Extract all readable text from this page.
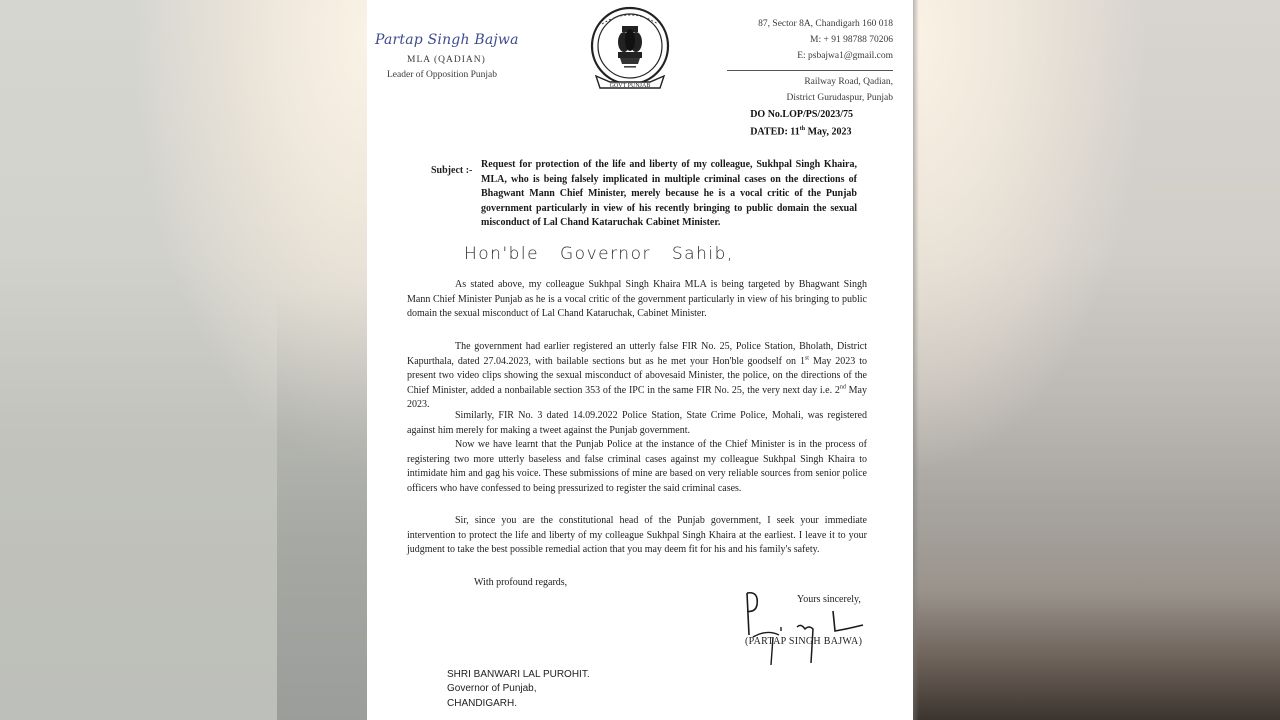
Partap Singh Bajwa
MLA (QADIAN)
Leader of Opposition Punjab
GOVT PUNJAB
87, Sector 8A, Chandigarh 160 018
M: + 91 98788 70206
E: psbajwa1@gmail.com
Railway Road, Qadian,
District Gurudaspur, Punjab
DO No.LOP/PS/2023/75
DATED: 11th May, 2023
Subject :-
Request for protection of the life and liberty of my colleague, Sukhpal Singh Khaira, MLA, who is being falsely implicated in multiple criminal cases on the directions of Bhagwant Mann Chief Minister, merely because he is a vocal critic of the Punjab government particularly in view of his recently bringing to public domain the sexual misconduct of Lal Chand Kataruchak Cabinet Minister.
Hon'ble Governor Sahib,
As stated above, my colleague Sukhpal Singh Khaira MLA is being targeted by Bhagwant Singh Mann Chief Minister Punjab as he is a vocal critic of the government particularly in view of his bringing to public domain the sexual misconduct of Lal Chand Kataruchak, Cabinet Minister.
The government had earlier registered an utterly false FIR No. 25, Police Station, Bholath, District Kapurthala, dated 27.04.2023, with bailable sections but as he met your Hon'ble goodself on 1st May 2023 to present two video clips showing the sexual misconduct of abovesaid Minister, the police, on the directions of the Chief Minister, added a nonbailable section 353 of the IPC in the same FIR No. 25, the very next day i.e. 2nd May 2023.
Similarly, FIR No. 3 dated 14.09.2022 Police Station, State Crime Police, Mohali, was registered against him merely for making a tweet against the Punjab government.
Now we have learnt that the Punjab Police at the instance of the Chief Minister is in the process of registering two more utterly baseless and false criminal cases against my colleague Sukhpal Singh Khaira to intimidate him and gag his voice. These submissions of mine are based on very reliable sources from senior police officers who have confessed to being pressurized to register the said criminal cases.
Sir, since you are the constitutional head of the Punjab government, I seek your immediate intervention to protect the life and liberty of my colleague Sukhpal Singh Khaira at the earliest. I leave it to your judgment to take the best possible remedial action that you may deem fit for his and his family's safety.
With profound regards,
Yours sincerely,
(PARTAP SINGH BAJWA)
SHRI BANWARI LAL PUROHIT.
Governor of Punjab,
CHANDIGARH.
